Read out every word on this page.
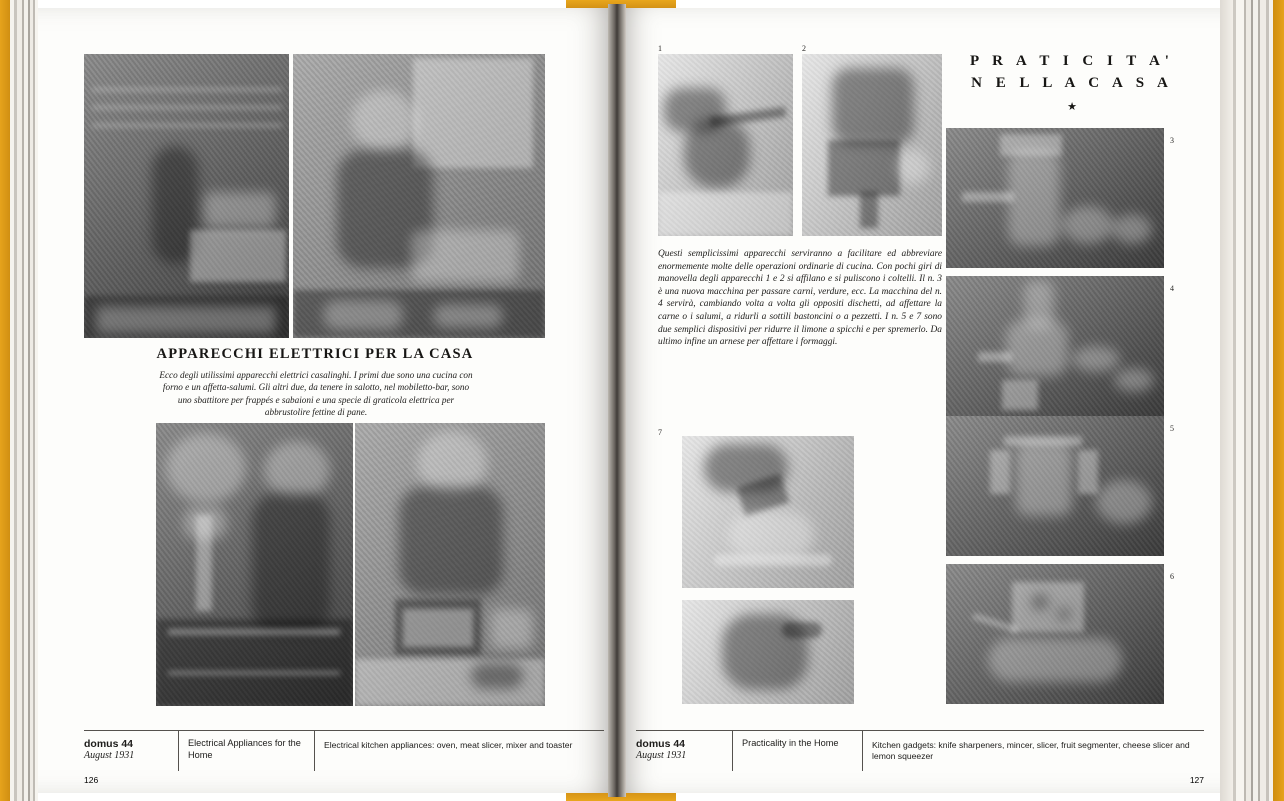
APPARECCHI ELETTRICI PER LA CASA
Ecco degli utilissimi apparecchi elettrici casalinghi. I primi due sono una cucina con forno e un affetta-salumi. Gli altri due, da tenere in salotto, nel mobiletto-bar, sono uno sbattitore per frappés e sabaioni e una specie di graticola elettrica per abbrustolire fettine di pane.
domus 44
August 1931
Electrical Appliances for the Home
Electrical kitchen appliances: oven, meat slicer, mixer and toaster
126
1	2
Questi semplicissimi apparecchi serviranno a facilitare ed abbreviare enormemente molte delle operazioni ordinarie di cucina. Con pochi giri di manovella degli apparecchi 1 e 2 si affilano e si puliscono i coltelli. Il n. 3 è una nuova macchina per passare carni, verdure, ecc. La macchina del n. 4 servirà, cambiando volta a volta gli oppositi dischetti, ad affettare la carne o i salumi, a ridurli a sottili bastoncini o a pezzetti. I n. 5 e 7 sono due semplici dispositivi per ridurre il limone a spicchi e per spremerlo. Da ultimo infine un arnese per affettare i formaggi.
P R A T I C I T A'
N E L L A C A S A
★
3
4
5
6
7
domus 44
August 1931
Practicality in the Home	Kitchen gadgets: knife sharpeners, mincer, slicer, fruit segmenter, cheese slicer and lemon squeezer
127
